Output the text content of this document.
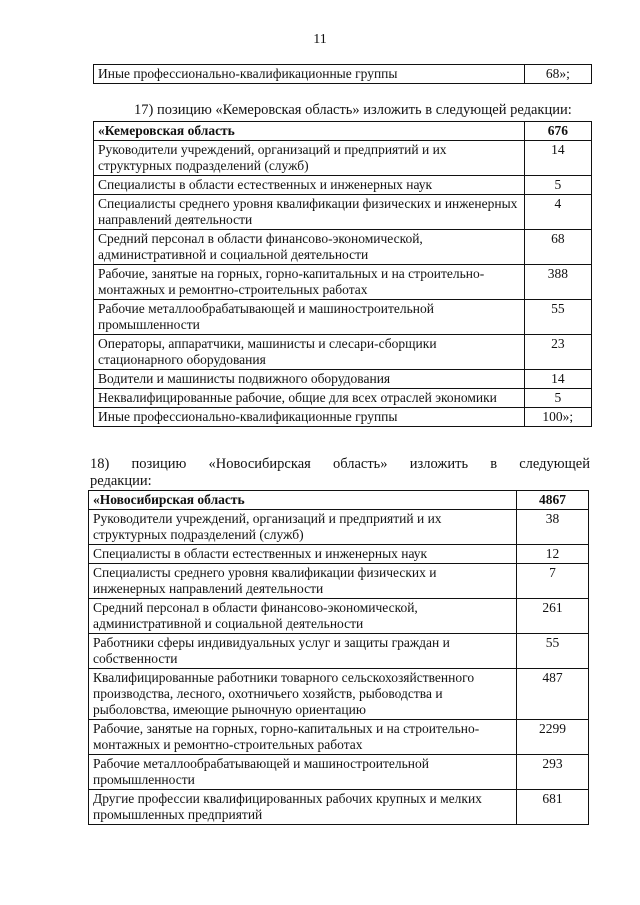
11
Иные профессионально-квалификационные группы	68»;
17) позицию «Кемеровская область» изложить в следующей редакции:
«Кемеровская область	676
Руководители учреждений, организаций и предприятий и их структурных подразделений (служб)	14
Специалисты в области естественных и инженерных наук	5
Специалисты среднего уровня квалификации физических и инженерных направлений деятельности	4
Средний персонал в области финансово-экономической, административной и социальной деятельности	68
Рабочие, занятые на горных, горно-капитальных и на строительно-монтажных и ремонтно-строительных работах	388
Рабочие металлообрабатывающей и машиностроительной промышленности	55
Операторы, аппаратчики, машинисты и слесари-сборщики стационарного оборудования	23
Водители и машинисты подвижного оборудования	14
Неквалифицированные рабочие, общие для всех отраслей экономики	5
Иные профессионально-квалификационные группы	100»;
18) позицию «Новосибирская область» изложить в следующей
редакции:
«Новосибирская область	4867
Руководители учреждений, организаций и предприятий и их структурных подразделений (служб)	38
Специалисты в области естественных и инженерных наук	12
Специалисты среднего уровня квалификации физических и инженерных направлений деятельности	7
Средний персонал в области финансово-экономической, административной и социальной деятельности	261
Работники сферы индивидуальных услуг и защиты граждан и собственности	55
Квалифицированные работники товарного сельскохозяйственного производства, лесного, охотничьего хозяйств, рыбоводства и рыболовства, имеющие рыночную ориентацию	487
Рабочие, занятые на горных, горно-капитальных и на строительно-монтажных и ремонтно-строительных работах	2299
Рабочие металлообрабатывающей и машиностроительной промышленности	293
Другие профессии квалифицированных рабочих крупных и мелких промышленных предприятий	681
